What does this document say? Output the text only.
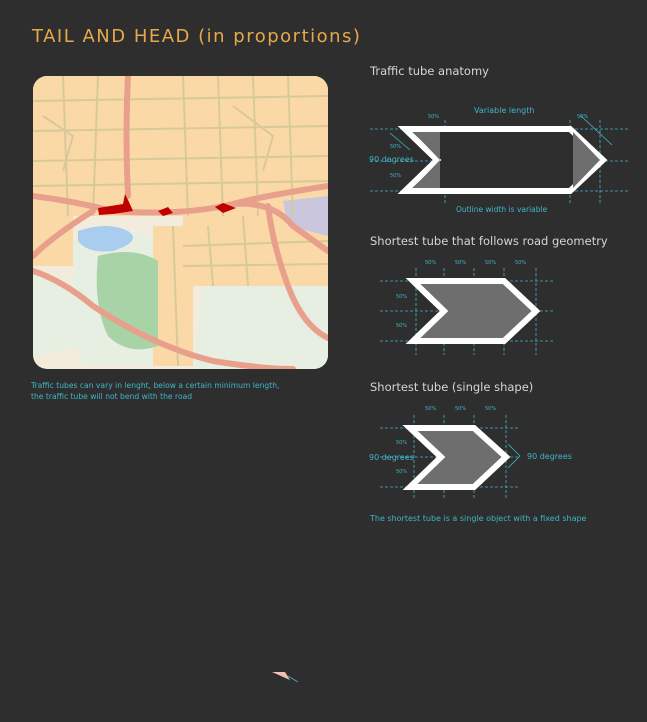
TAIL AND HEAD (in proportions)
Traffic tubes can vary in lenght, below a certain minimum length,
the traffic tube will not bend with the road
Traffic tube anatomy
Variable length
90 degrees
Outline width is variable
50%
50%
50%
50%
Shortest tube that follows road geometry
50%	50%	50%	50%
50%
50%
Shortest tube (single shape)
50%	50%	50%
50%
50%
90 degrees	90 degrees
The shortest tube is a single object with a fixed shape
